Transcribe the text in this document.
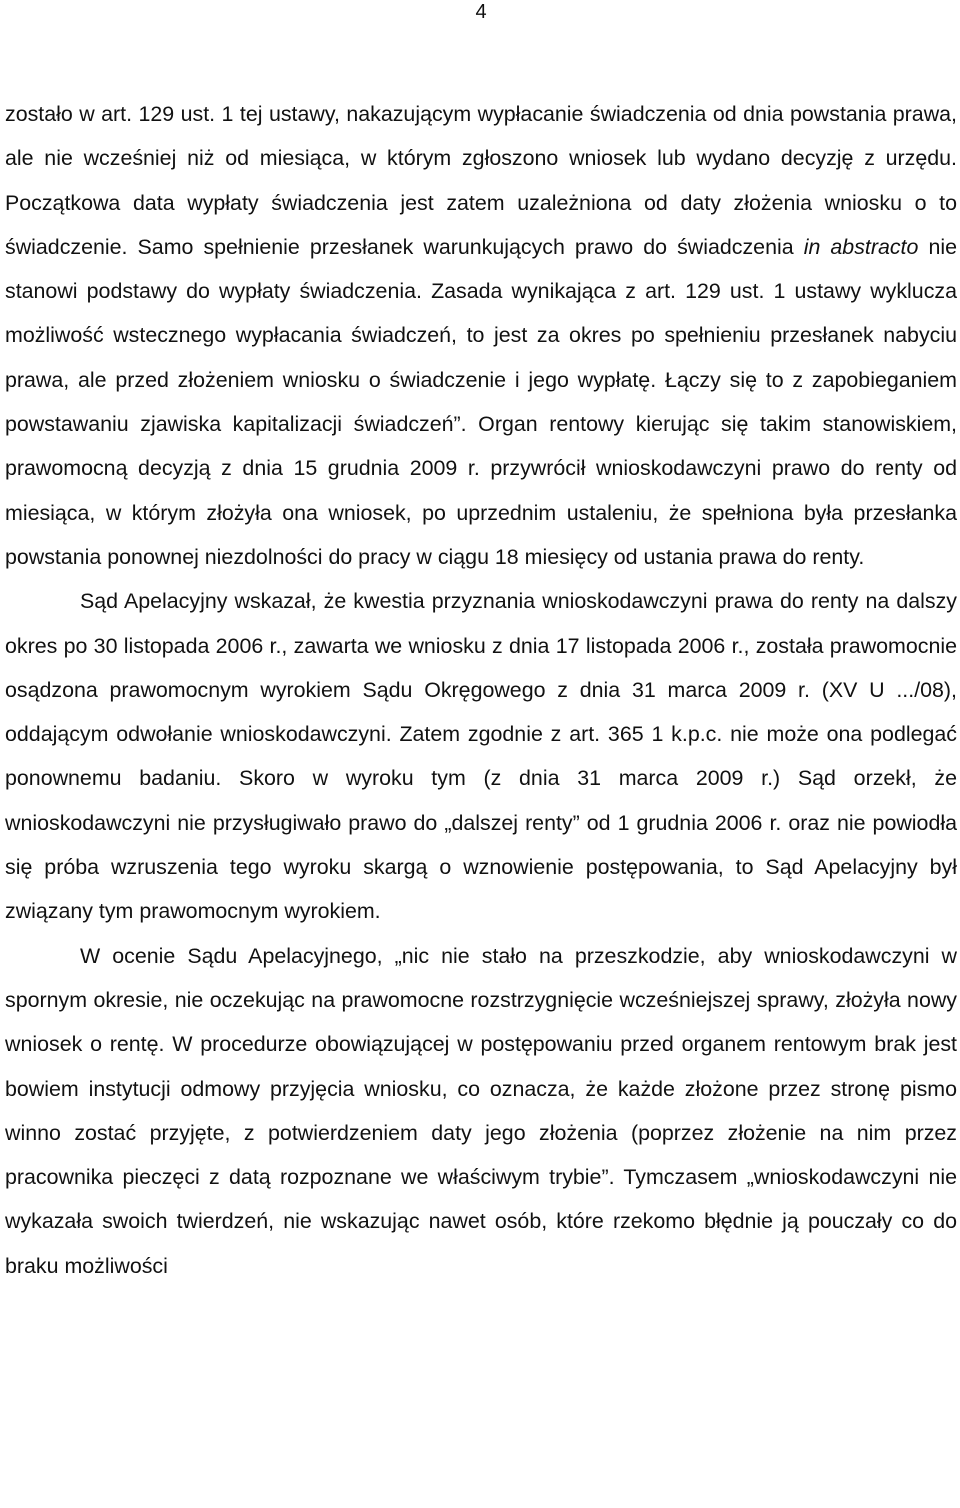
4

zostało w art. 129 ust. 1 tej ustawy, nakazującym wypłacanie świadczenia od dnia powstania prawa, ale nie wcześniej niż od miesiąca, w którym zgłoszono wniosek lub wydano decyzję z urzędu. Początkowa data wypłaty świadczenia jest zatem uzależniona od daty złożenia wniosku o to świadczenie. Samo spełnienie przesłanek warunkujących prawo do świadczenia in abstracto nie stanowi podstawy do wypłaty świadczenia. Zasada wynikająca z art. 129 ust. 1 ustawy wyklucza możliwość wstecznego wypłacania świadczeń, to jest za okres po spełnieniu przesłanek nabyciu prawa, ale przed złożeniem wniosku o świadczenie i jego wypłatę. Łączy się to z zapobieganiem powstawaniu zjawiska kapitalizacji świadczeń”. Organ rentowy kierując się takim stanowiskiem, prawomocną decyzją z dnia 15 grudnia 2009 r. przywrócił wnioskodawczyni prawo do renty od miesiąca, w którym złożyła ona wniosek, po uprzednim ustaleniu, że spełniona była przesłanka powstania ponownej niezdolności do pracy w ciągu 18 miesięcy od ustania prawa do renty.

Sąd Apelacyjny wskazał, że kwestia przyznania wnioskodawczyni prawa do renty na dalszy okres po 30 listopada 2006 r., zawarta we wniosku z dnia 17 listopada 2006 r., została prawomocnie osądzona prawomocnym wyrokiem Sądu Okręgowego z dnia 31 marca 2009 r. (XV U .../08), oddającym odwołanie wnioskodawczyni. Zatem zgodnie z art. 365 1 k.p.c. nie może ona podlegać ponownemu badaniu. Skoro w wyroku tym (z dnia 31 marca 2009 r.) Sąd orzekł, że wnioskodawczyni nie przysługiwało prawo do „dalszej renty” od 1 grudnia 2006 r. oraz nie powiodła się próba wzruszenia tego wyroku skargą o wznowienie postępowania, to Sąd Apelacyjny był związany tym prawomocnym wyrokiem.

W ocenie Sądu Apelacyjnego, „nic nie stało na przeszkodzie, aby wnioskodawczyni w spornym okresie, nie oczekując na prawomocne rozstrzygnięcie wcześniejszej sprawy, złożyła nowy wniosek o rentę. W procedurze obowiązującej w postępowaniu przed organem rentowym brak jest bowiem instytucji odmowy przyjęcia wniosku, co oznacza, że każde złożone przez stronę pismo winno zostać przyjęte, z potwierdzeniem daty jego złożenia (poprzez złożenie na nim przez pracownika pieczęci z datą rozpoznane we właściwym trybie”. Tymczasem „wnioskodawczyni nie wykazała swoich twierdzeń, nie wskazując nawet osób, które rzekomo błędnie ją pouczały co do braku możliwości
